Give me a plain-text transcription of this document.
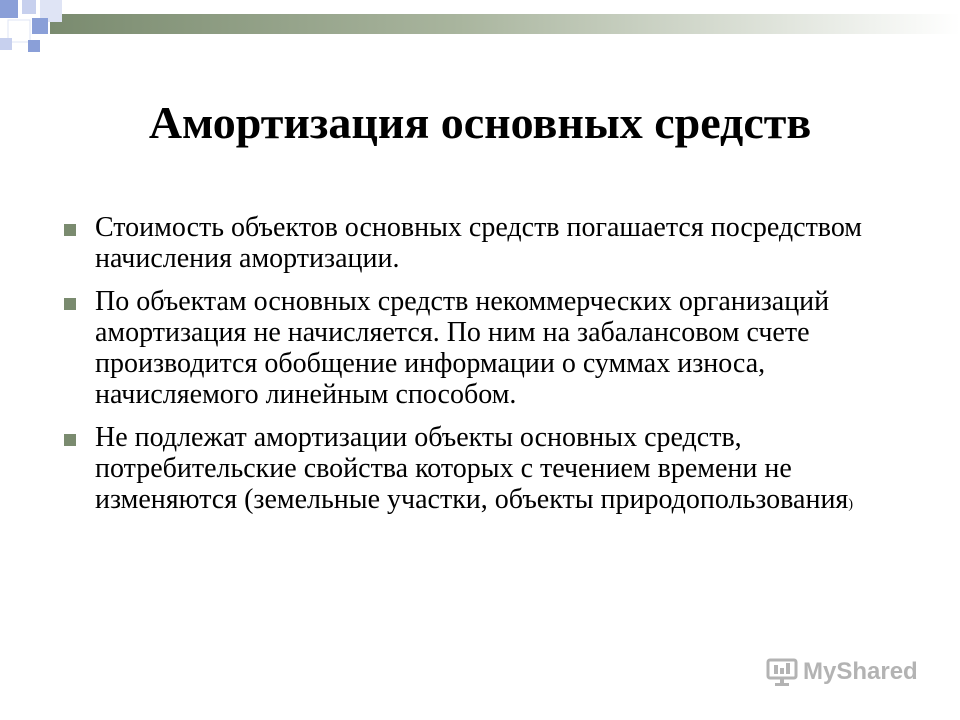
Амортизация основных средств
Стоимость объектов основных средств погашается посредством начисления амортизации.
По объектам основных средств некоммерческих организаций амортизация не начисляется. По ним на забалансовом счете производится обобщение информации о суммах износа, начисляемого линейным способом.
Не подлежат амортизации объекты основных средств, потребительские свойства которых с течением времени не изменяются (земельные участки, объекты природопользования)
MyShared
